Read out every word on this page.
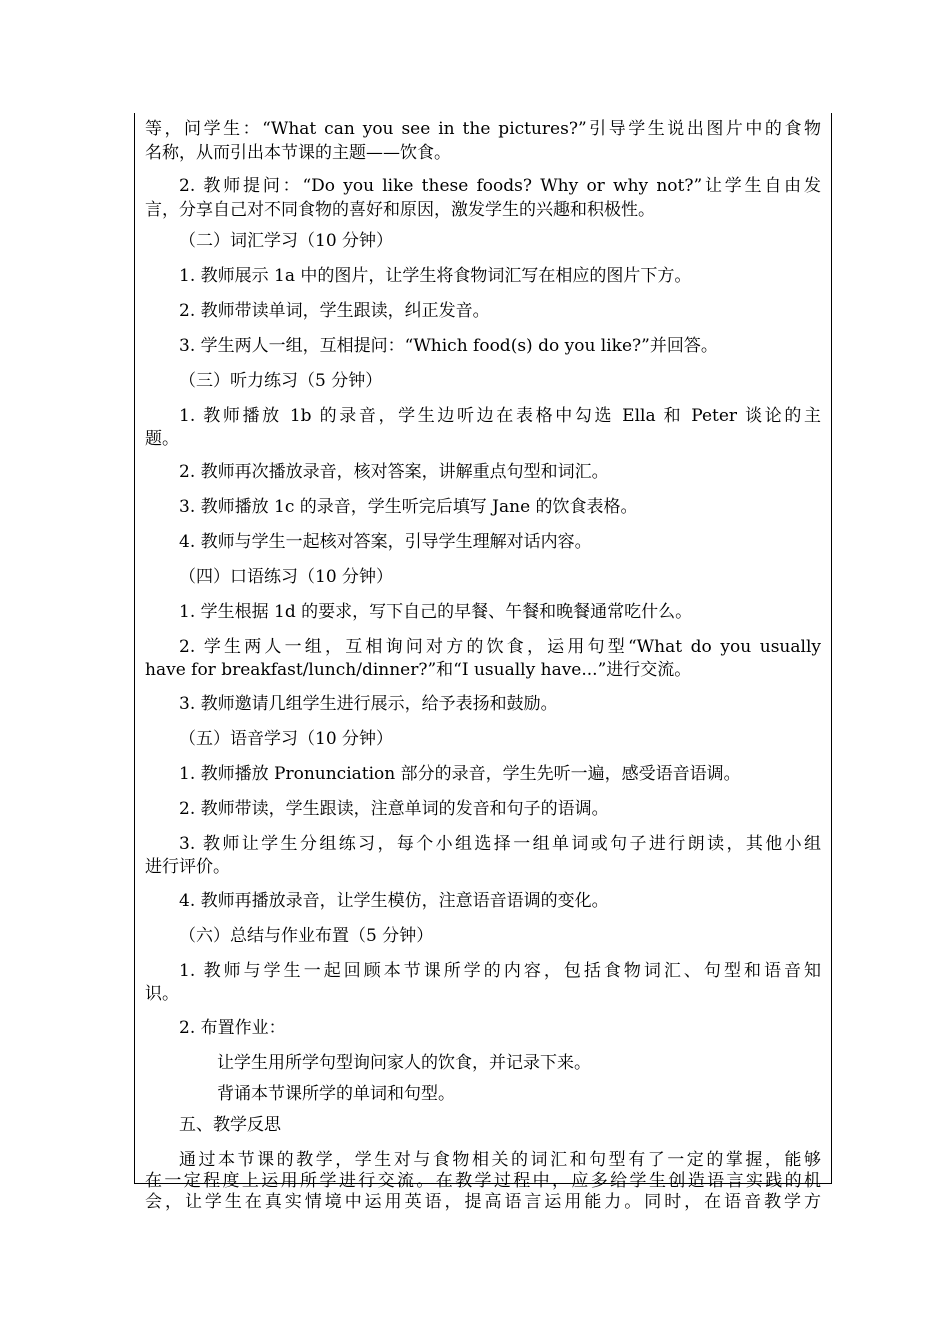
等，问学生：“What can you see in the pictures?”引导学生说出图片中的食物
名称，从而引出本节课的主题——饮食。
2. 教师提问：“Do you like these foods? Why or why not?”让学生自由发
言，分享自己对不同食物的喜好和原因，激发学生的兴趣和积极性。
（二）词汇学习（10 分钟）
1. 教师展示 1a 中的图片，让学生将食物词汇写在相应的图片下方。
2. 教师带读单词，学生跟读，纠正发音。
3. 学生两人一组，互相提问：“Which food(s) do you like?”并回答。
（三）听力练习（5 分钟）
1. 教师播放 1b 的录音，学生边听边在表格中勾选 Ella 和 Peter 谈论的主
题。
2. 教师再次播放录音，核对答案，讲解重点句型和词汇。
3. 教师播放 1c 的录音，学生听完后填写 Jane 的饮食表格。
4. 教师与学生一起核对答案，引导学生理解对话内容。
（四）口语练习（10 分钟）
1. 学生根据 1d 的要求，写下自己的早餐、午餐和晚餐通常吃什么。
2. 学生两人一组，互相询问对方的饮食，运用句型“What do you usually
have for breakfast/lunch/dinner?”和“I usually have...”进行交流。
3. 教师邀请几组学生进行展示，给予表扬和鼓励。
（五）语音学习（10 分钟）
1. 教师播放 Pronunciation 部分的录音，学生先听一遍，感受语音语调。
2. 教师带读，学生跟读，注意单词的发音和句子的语调。
3. 教师让学生分组练习，每个小组选择一组单词或句子进行朗读，其他小组
进行评价。
4. 教师再播放录音，让学生模仿，注意语音语调的变化。
（六）总结与作业布置（5 分钟）
1. 教师与学生一起回顾本节课所学的内容，包括食物词汇、句型和语音知
识。
2. 布置作业：
让学生用所学句型询问家人的饮食，并记录下来。
背诵本节课所学的单词和句型。
五、教学反思
通过本节课的教学，学生对与食物相关的词汇和句型有了一定的掌握，能够
在一定程度上运用所学进行交流。在教学过程中，应多给学生创造语言实践的机
会，让学生在真实情境中运用英语，提高语言运用能力。同时，在语音教学方
